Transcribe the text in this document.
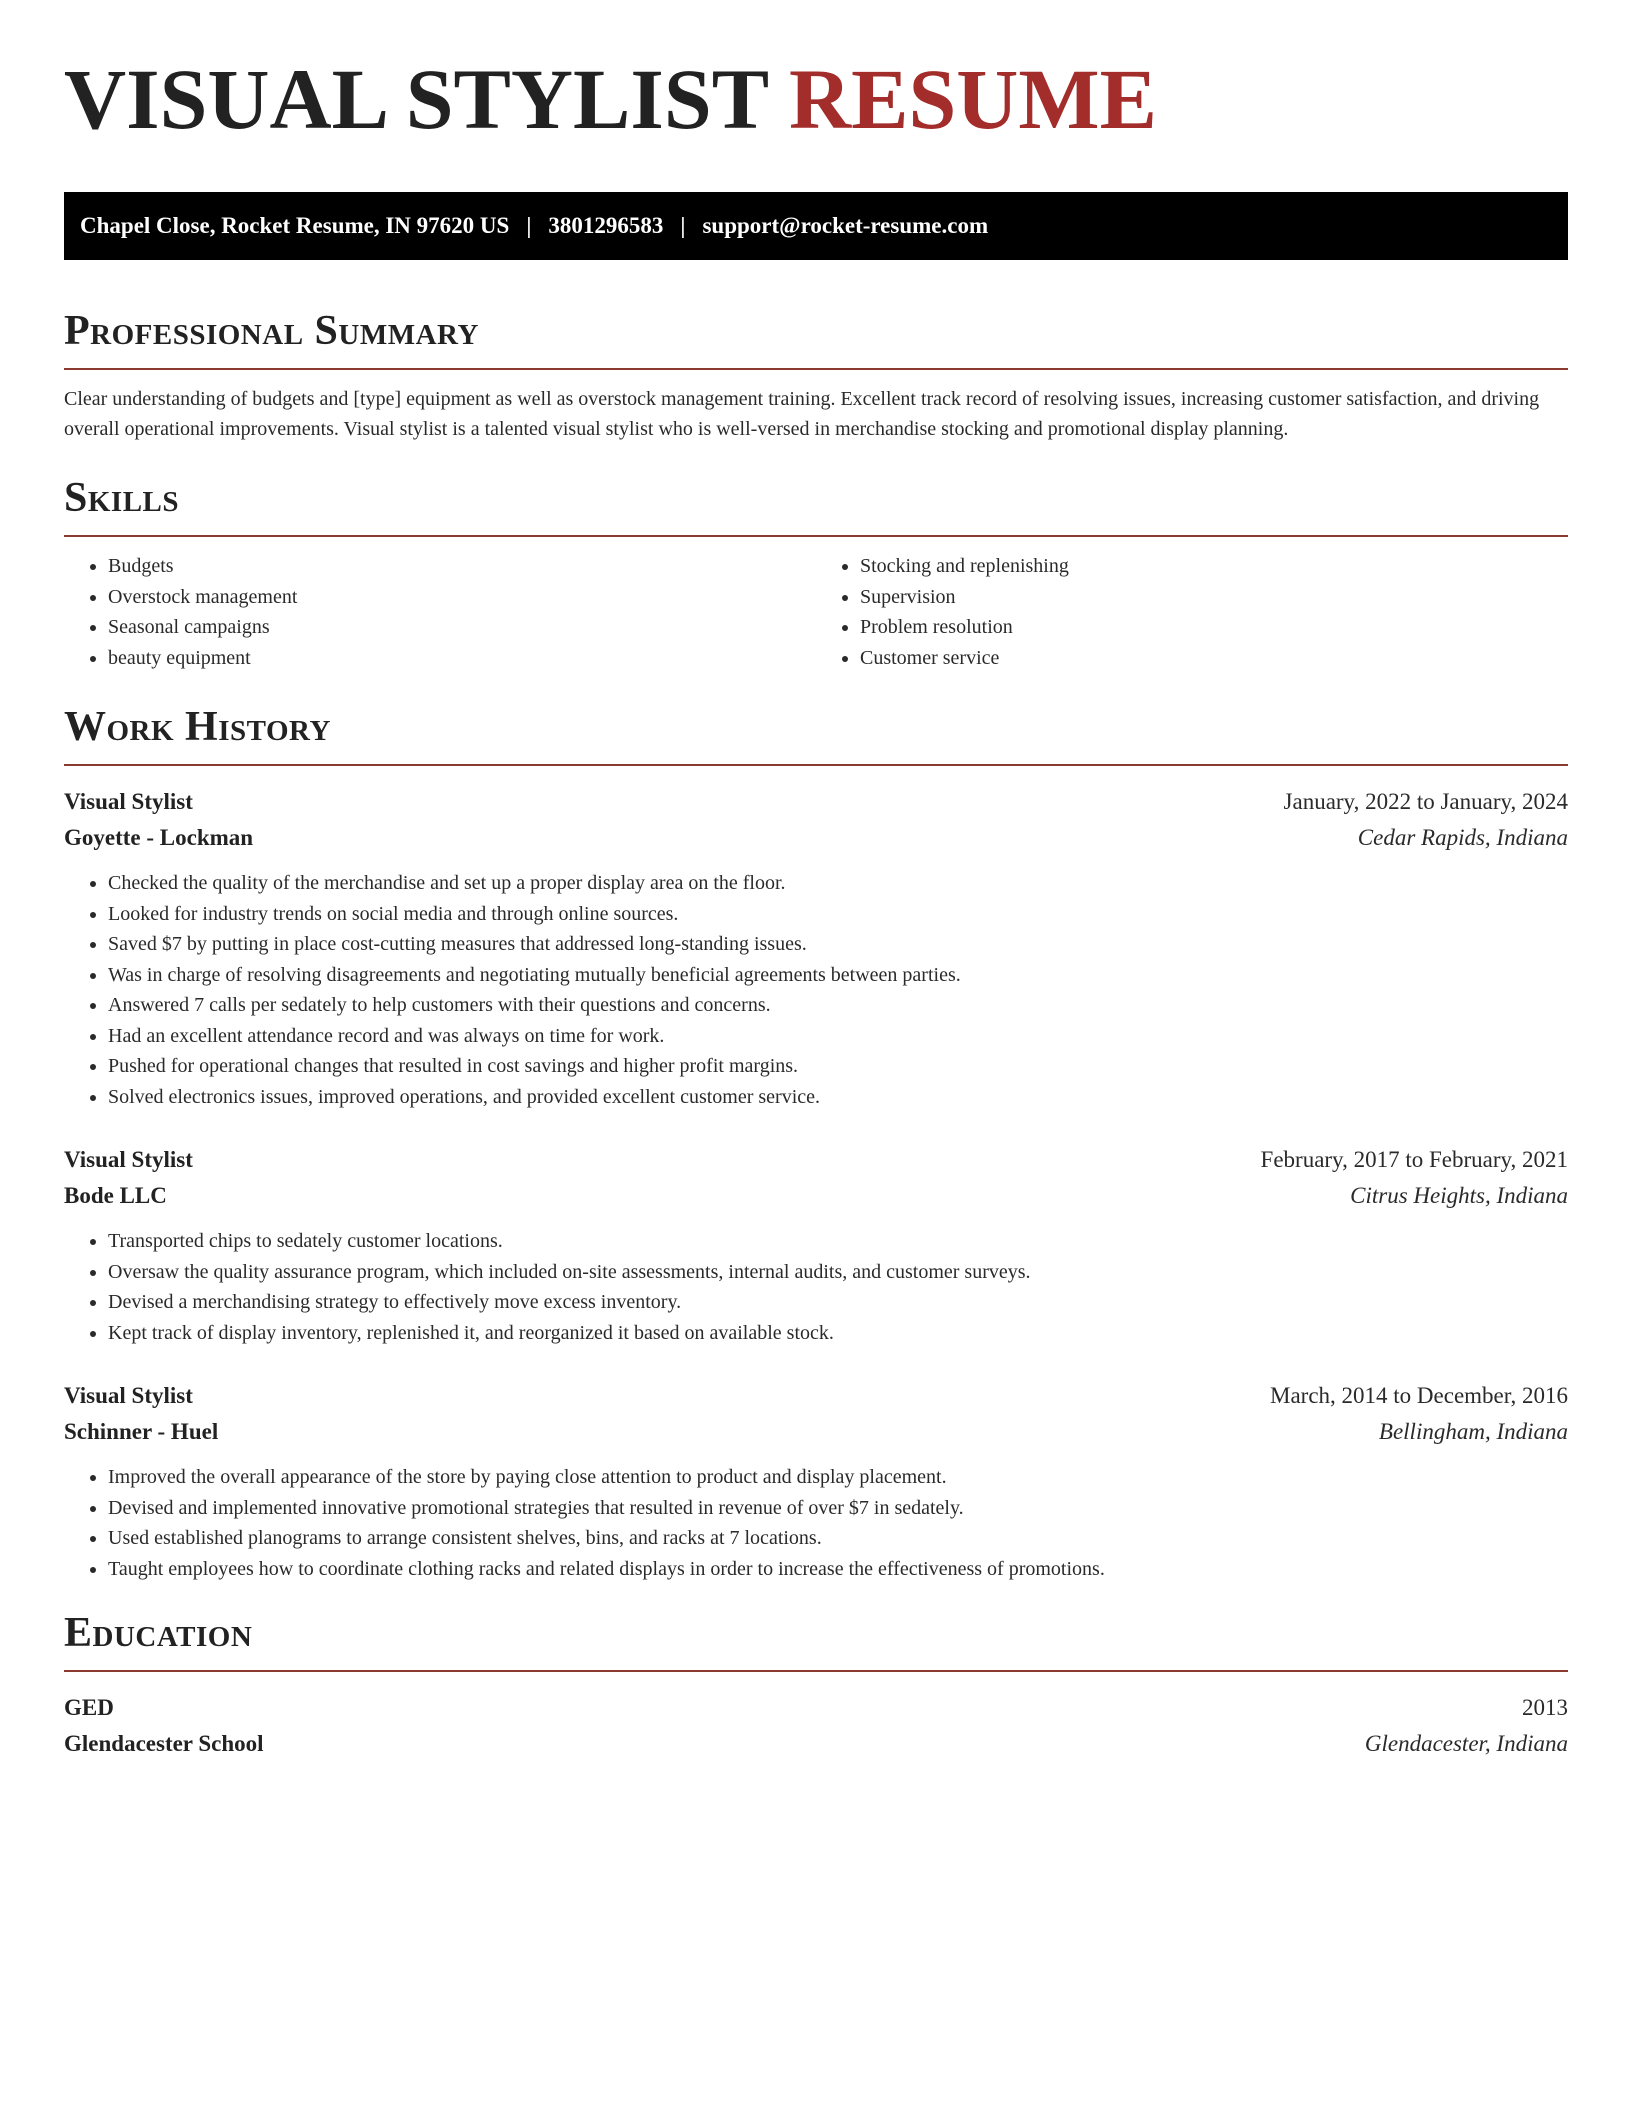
VISUAL STYLIST RESUME
Chapel Close, Rocket Resume, IN 97620 US | 3801296583 | support@rocket-resume.com
Professional Summary

Clear understanding of budgets and [type] equipment as well as overstock management training. Excellent track record of resolving issues, increasing customer satisfaction, and driving overall operational improvements. Visual stylist is a talented visual stylist who is well-versed in merchandise stocking and promotional display planning.

Skills
• Budgets
• Overstock management
• Seasonal campaigns
• beauty equipment
• Stocking and replenishing
• Supervision
• Problem resolution
• Customer service
Work History
Visual Stylist	January, 2022 to January, 2024
Goyette - Lockman	Cedar Rapids, Indiana
• Checked the quality of the merchandise and set up a proper display area on the floor.
• Looked for industry trends on social media and through online sources.
• Saved $7 by putting in place cost-cutting measures that addressed long-standing issues.
• Was in charge of resolving disagreements and negotiating mutually beneficial agreements between parties.
• Answered 7 calls per sedately to help customers with their questions and concerns.
• Had an excellent attendance record and was always on time for work.
• Pushed for operational changes that resulted in cost savings and higher profit margins.
• Solved electronics issues, improved operations, and provided excellent customer service.
Visual Stylist	February, 2017 to February, 2021
Bode LLC	Citrus Heights, Indiana
• Transported chips to sedately customer locations.
• Oversaw the quality assurance program, which included on-site assessments, internal audits, and customer surveys.
• Devised a merchandising strategy to effectively move excess inventory.
• Kept track of display inventory, replenished it, and reorganized it based on available stock.
Visual Stylist	March, 2014 to December, 2016
Schinner - Huel	Bellingham, Indiana
• Improved the overall appearance of the store by paying close attention to product and display placement.
• Devised and implemented innovative promotional strategies that resulted in revenue of over $7 in sedately.
• Used established planograms to arrange consistent shelves, bins, and racks at 7 locations.
• Taught employees how to coordinate clothing racks and related displays in order to increase the effectiveness of promotions.
Education
GED	2013
Glendacester School	Glendacester, Indiana
